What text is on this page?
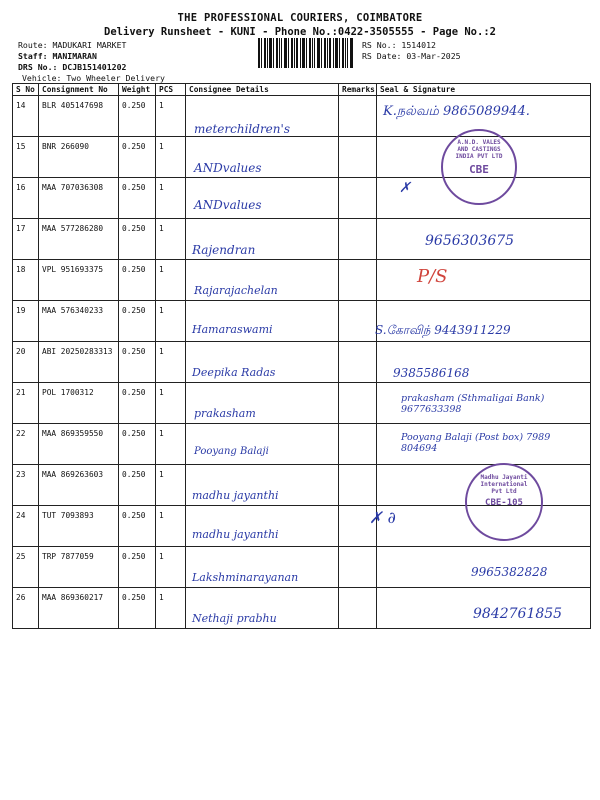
THE PROFESSIONAL COURIERS, COIMBATORE
Delivery Runsheet - KUNI - Phone No.:0422-3505555 - Page No.:2
Route: MADUKARI MARKET
Staff: MANIMARAN
DRS No.: DCJB151401202
Vehicle: Two Wheeler Delivery
RS No.: 1514012
RS Date: 03-Mar-2025
S No	Consignment No	Weight	PCS	Consignee Details	Remarks	Seal & Signature
14	BLR 405147698	0.250	1	meterchildren's		K.நல்வம் 9865089944.

15	BNR 266090	0.250	1	ANDvalues		A.N.D. VALES AND CASTINGS INDIA PVT LTD
CBE

16	MAA 707036308	0.250	1	ANDvalues		✗

17	MAA 577286280	0.250	1	Rajendran		9656303675

18	VPL 951693375	0.250	1	Rajarajachelan		P/S

19	MAA 576340233	0.250	1	Hamaraswami		S.கோவிந் 9443911229

20	ABI 20250283313	0.250	1	Deepika Radas		9385586168

21	POL 1700312	0.250	1	prakasham		prakasham (Sthmaligai Bank) 9677633398

22	MAA 869359550	0.250	1	Pooyang Balaji		Pooyang Balaji (Post box) 7989 804694

23	MAA 869263603	0.250	1	madhu jayanthi		Madhu Jayanti International Pvt Ltd
CBE-105

24	TUT 7093893	0.250	1	madhu jayanthi		✗ ∂

25	TRP 7877059	0.250	1	Lakshminarayanan		9965382828

26	MAA 869360217	0.250	1	Nethaji prabhu		9842761855
